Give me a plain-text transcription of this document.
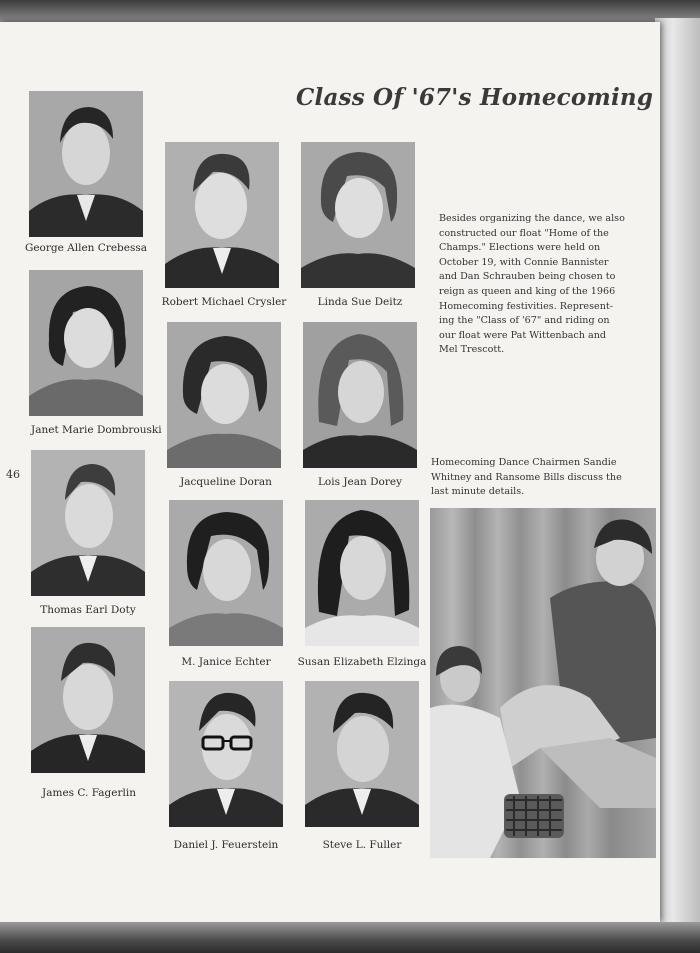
Class Of '67's Homecoming
46
George Allen Crebessa
Janet Marie Dombrouski
Thomas Earl Doty
James C. Fagerlin
Robert Michael Crysler
Jacqueline Doran
M. Janice Echter
Daniel J. Feuerstein
Linda Sue Deitz
Lois Jean Dorey
Susan Elizabeth Elzinga
Steve L. Fuller
Besides organizing the dance, we also
constructed our float "Home of the
Champs." Elections were held on
October 19, with Connie Bannister
and Dan Schrauben being chosen to
reign as queen and king of the 1966
Homecoming festivities. Represent-
ing the "Class of '67" and riding on
our float were Pat Wittenbach and
Mel Trescott.
Homecoming Dance Chairmen Sandie
Whitney and Ransome Bills discuss the
last minute details.
